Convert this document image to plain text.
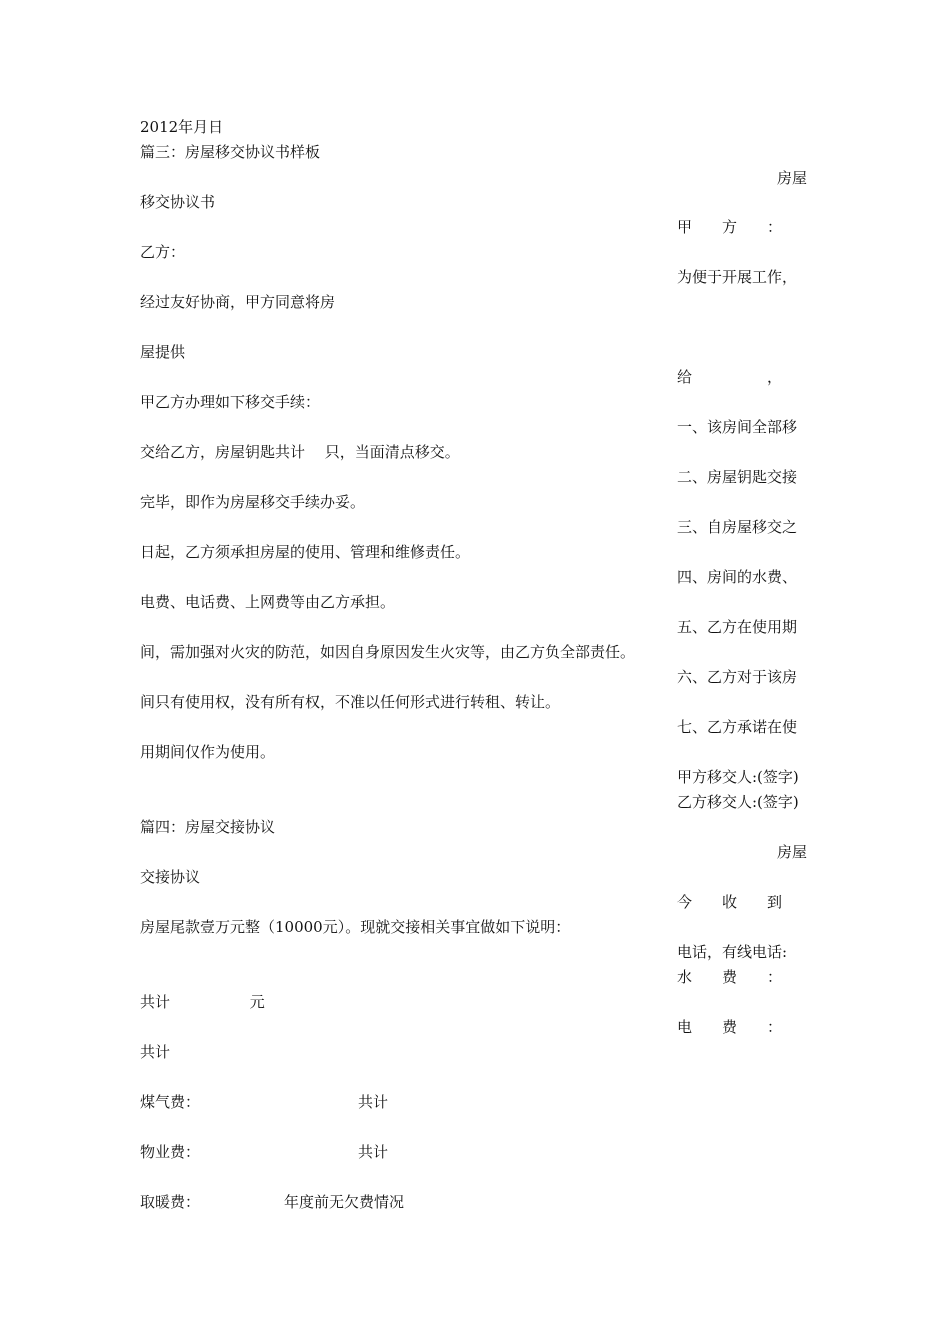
2012年月日
篇三：房屋移交协议书样板
房屋
移交协议书
甲　　方　　：
乙方：
为便于开展工作，
经过友好协商，甲方同意将房
屋提供
给　　　　　，
甲乙方办理如下移交手续：
一、该房间全部移
交给乙方，房屋钥匙共计　 只，当面清点移交。
二、房屋钥匙交接
完毕，即作为房屋移交手续办妥。
三、自房屋移交之
日起，乙方须承担房屋的使用、管理和维修责任。
四、房间的水费、
电费、电话费、上网费等由乙方承担。
五、乙方在使用期
间，需加强对火灾的防范，如因自身原因发生火灾等，由乙方负全部责任。
六、乙方对于该房
间只有使用权，没有所有权，不准以任何形式进行转租、转让。
七、乙方承诺在使
用期间仅作为使用。
甲方移交人:(签字)
乙方移交人:(签字)
篇四：房屋交接协议
房屋
交接协议
今　　收　　到
房屋尾款壹万元整（10000元）。现就交接相关事宜做如下说明：
电话，有线电话:
水　　费　　：
共计　　　　　 元
电　　费　　：
共计
煤气费：	共计
物业费：	共计
取暖费：	年度前无欠费情况
